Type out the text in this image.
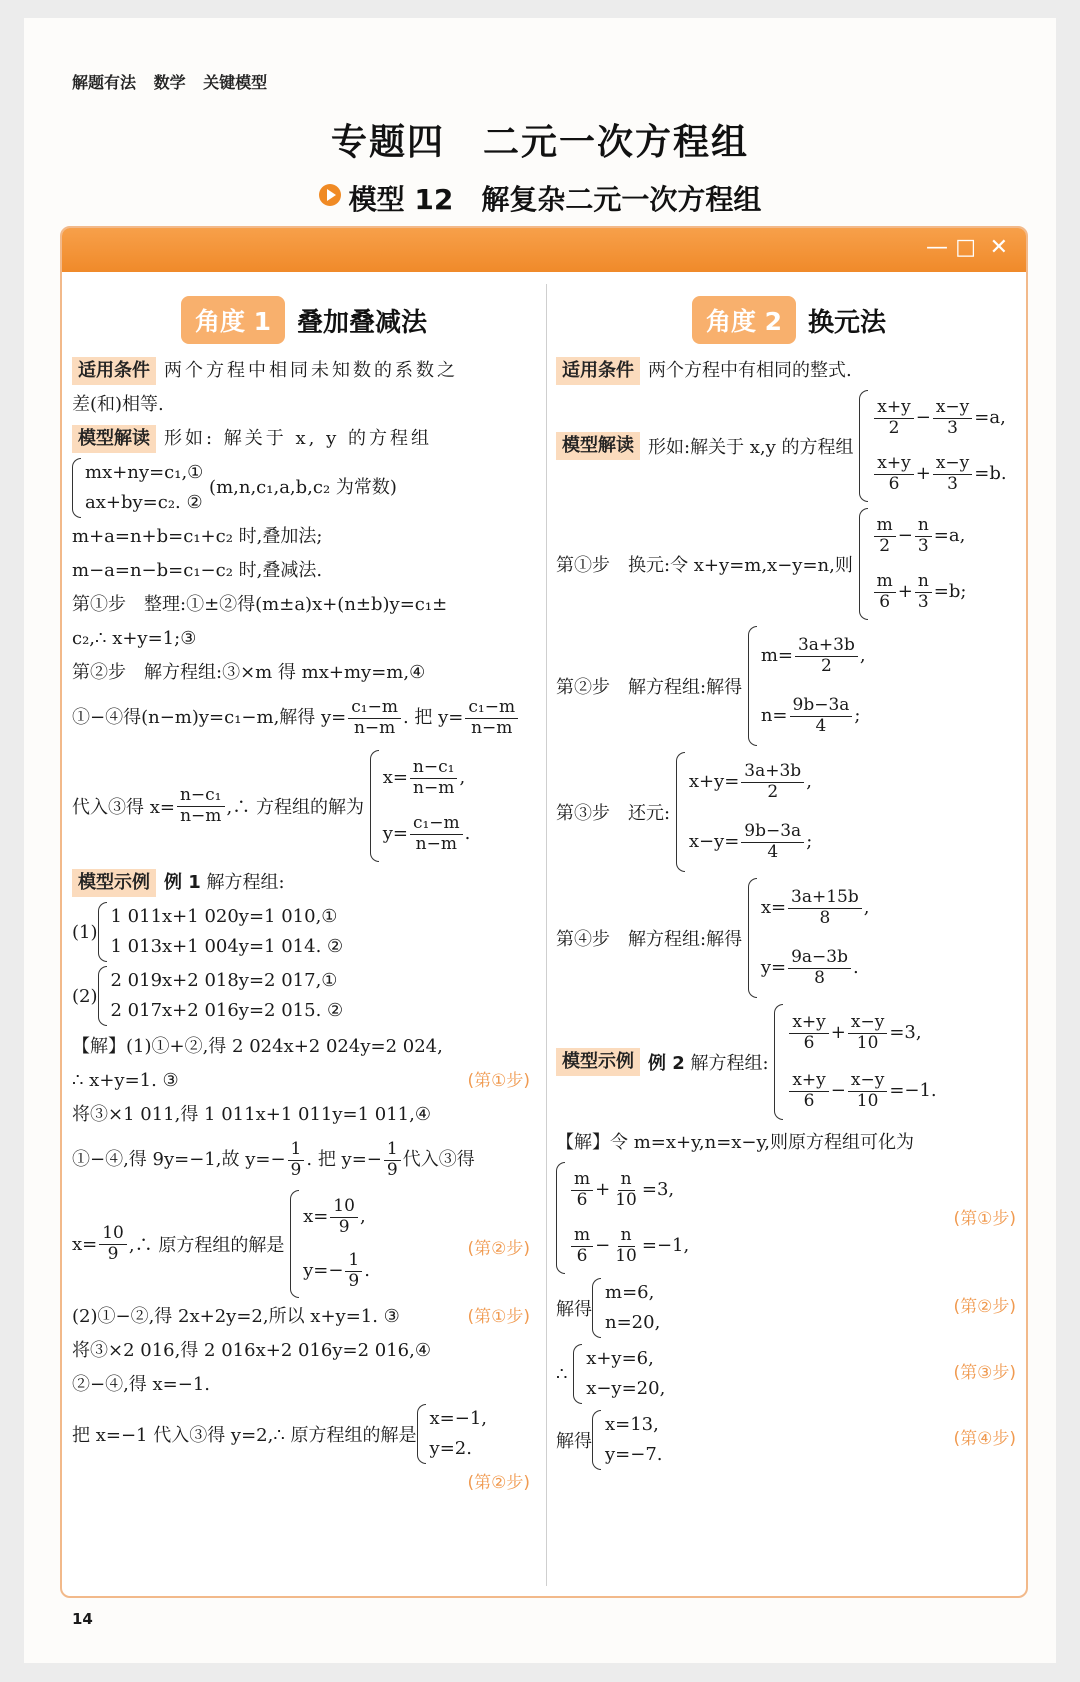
解题有法 数学 关键模型
专题四　二元一次方程组
模型 12　解复杂二元一次方程组
— □ ✕
角度 1	叠加叠减法
适用条件 两个方程中相同未知数的系数之
差(和)相等.
模型解读 形如: 解关于 x, y 的方程组
mx+ny=c₁,①
ax+by=c₂. ②
(m,n,c₁,a,b,c₂ 为常数)
m+a=n+b=c₁+c₂ 时,叠加法;
m−a=n−b=c₁−c₂ 时,叠减法.
第①步　整理:①±②得(m±a)x+(n±b)y=c₁±
c₂,∴ x+y=1;③
第②步　解方程组:③×m 得 mx+my=m,④
①−④得(n−m)y=c₁−m,解得 $y= \frac{\text{c₁−m}}{n-m}$ . 把 $y= \frac{\text{c₁−m}}{n-m}$
代入③得 $x= \frac{\text{n−c₁}}{n-m}$ ,∴ 方程组的解为

$x= \frac{\text{n−c₁}}{n-m}$ ,
$y= \frac{\text{c₁−m}}{n-m}$ .
模型示例 例 1 解方程组:
(1)
1 011x+1 020y=1 010,①
1 013x+1 004y=1 014. ②
(2)
2 019x+2 018y=2 017,①
2 017x+2 016y=2 015. ②
【解】(1)①+②,得 2 024x+2 024y=2 024,
∴ x+y=1. ③	(第①步)
将③×1 011,得 1 011x+1 011y=1 011,④
①−④,得 9y=−1,故 $y=- \frac{1}{9}$ . 把 $y=- \frac{1}{9}$ 代入③得
$x= \frac{10}{9}$ ,∴ 原方程组的解是

$x= \frac{10}{9}$ ,
$y=- \frac{1}{9}$ .
(第②步)
(2)①−②,得 2x+2y=2,所以 x+y=1. ③	(第①步)
将③×2 016,得 2 016x+2 016y=2 016,④
②−④,得 x=−1.
把 x=−1 代入③得 y=2,∴ 原方程组的解是
x=−1,
y=2.
(第②步)
角度 2	换元法
适用条件 两个方程中有相同的整式.
模型解读 形如:解关于 x,y 的方程组

$\frac{x+y}{2} - \frac{x-y}{3} =a$,
$\frac{x+y}{6} + \frac{x-y}{3} =b$.
第①步　换元:令 x+y=m,x−y=n,则
$\frac{m}{2} - \frac{n}{3} =a$,
$\frac{m}{6} + \frac{n}{3} =b$;
第②步　解方程组:解得
$m= \frac{3a+3b}{2}$ ,
$n= \frac{9b-3a}{4}$ ;
第③步　还元:
$x+y= \frac{3a+3b}{2}$ ,
$x-y= \frac{9b-3a}{4}$ ;
第④步　解方程组:解得
$x= \frac{3a+15b}{8}$ ,
$y= \frac{9a-3b}{8}$ .
模型示例 例 2
解方程组:

$\frac{x+y}{6} + \frac{x-y}{10} =3$,
$\frac{x+y}{6} - \frac{x-y}{10} =-1$.
【解】令 m=x+y,n=x−y,则原方程组可化为
$\frac{m}{6} + \frac{n}{10} =3$,
$\frac{m}{6} - \frac{n}{10} =-1$,
(第①步)
解得
m=6,
n=20,
(第②步)
∴

x+y=6,
x−y=20,
(第③步)
解得
x=13,
y=−7.
(第④步)
14
